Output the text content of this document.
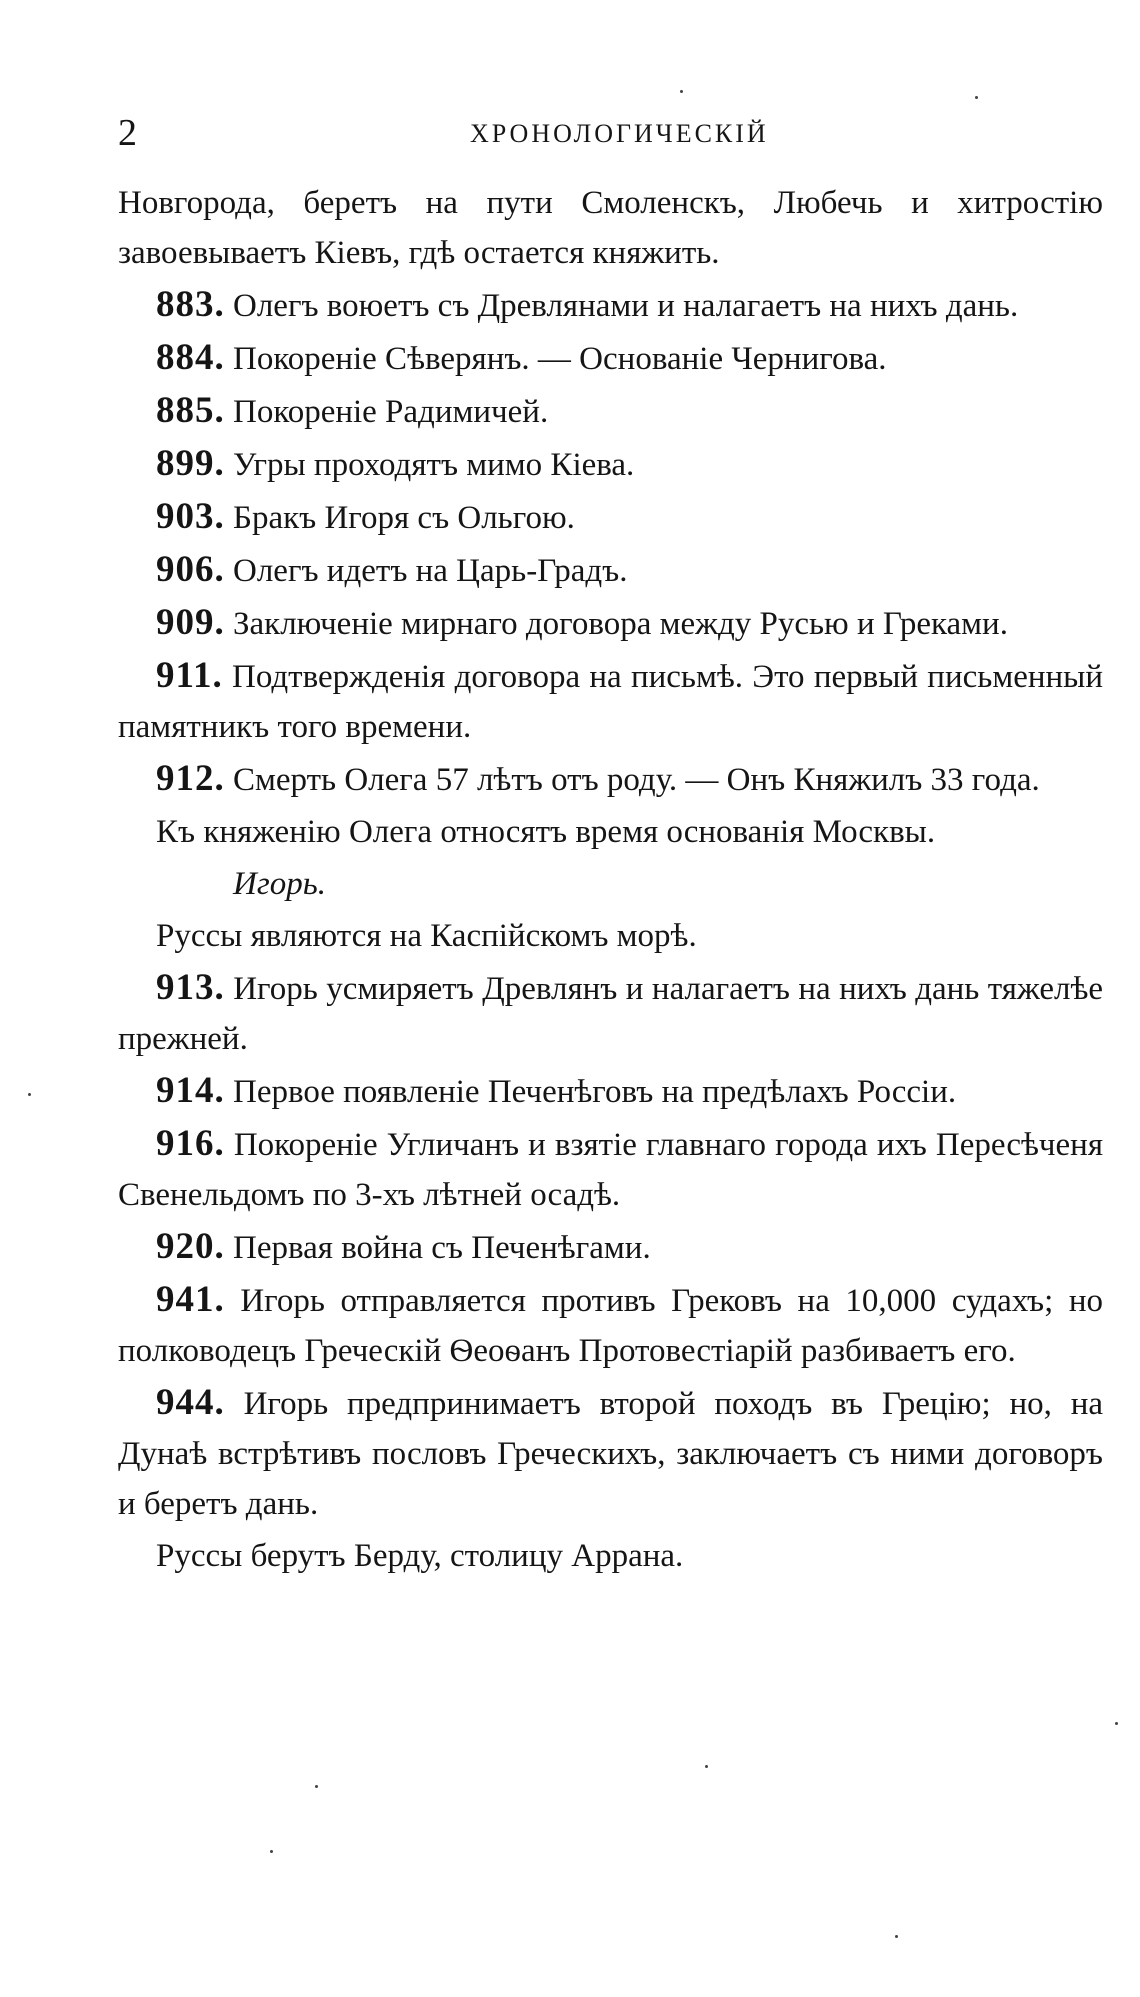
2	ХРОНОЛОГИЧЕСКІЙ

Новгорода, беретъ на пути Смоленскъ, Любечь и хитростію завоевываетъ Кіевъ, гдѣ остается княжить.

883. Олегъ воюетъ съ Древлянами и налагаетъ на нихъ дань.

884. Покореніе Сѣверянъ. — Основаніе Чернигова.

885. Покореніе Радимичей.

899. Угры проходятъ мимо Кіева.

903. Бракъ Игоря съ Ольгою.

906. Олегъ идетъ на Царь-Градъ.

909. Заключеніе мирнаго договора между Русью и Греками.

911. Подтвержденія договора на письмѣ. Это первый письменный памятникъ того времени.

912. Смерть Олега 57 лѣтъ отъ роду. — Онъ Княжилъ 33 года.

Къ княженію Олега относятъ время основанія Москвы.

Игорь.

Руссы являются на Каспійскомъ морѣ.

913. Игорь усмиряетъ Древлянъ и налагаетъ на нихъ дань тяжелѣе прежней.

914. Первое появленіе Печенѣговъ на предѣлахъ Россіи.

916. Покореніе Угличанъ и взятіе главнаго города ихъ Пересѣченя Свенельдомъ по 3-хъ лѣтней осадѣ.

920. Первая война съ Печенѣгами.

941. Игорь отправляется противъ Грековъ на 10,000 судахъ; но полководецъ Греческій Ѳеоѳанъ Протовестіарій разбиваетъ его.

944. Игорь предпринимаетъ второй походъ въ Грецію; но, на Дунаѣ встрѣтивъ пословъ Греческихъ, заключаетъ съ ними договоръ и беретъ дань.

Руссы берутъ Берду, столицу Аррана.
